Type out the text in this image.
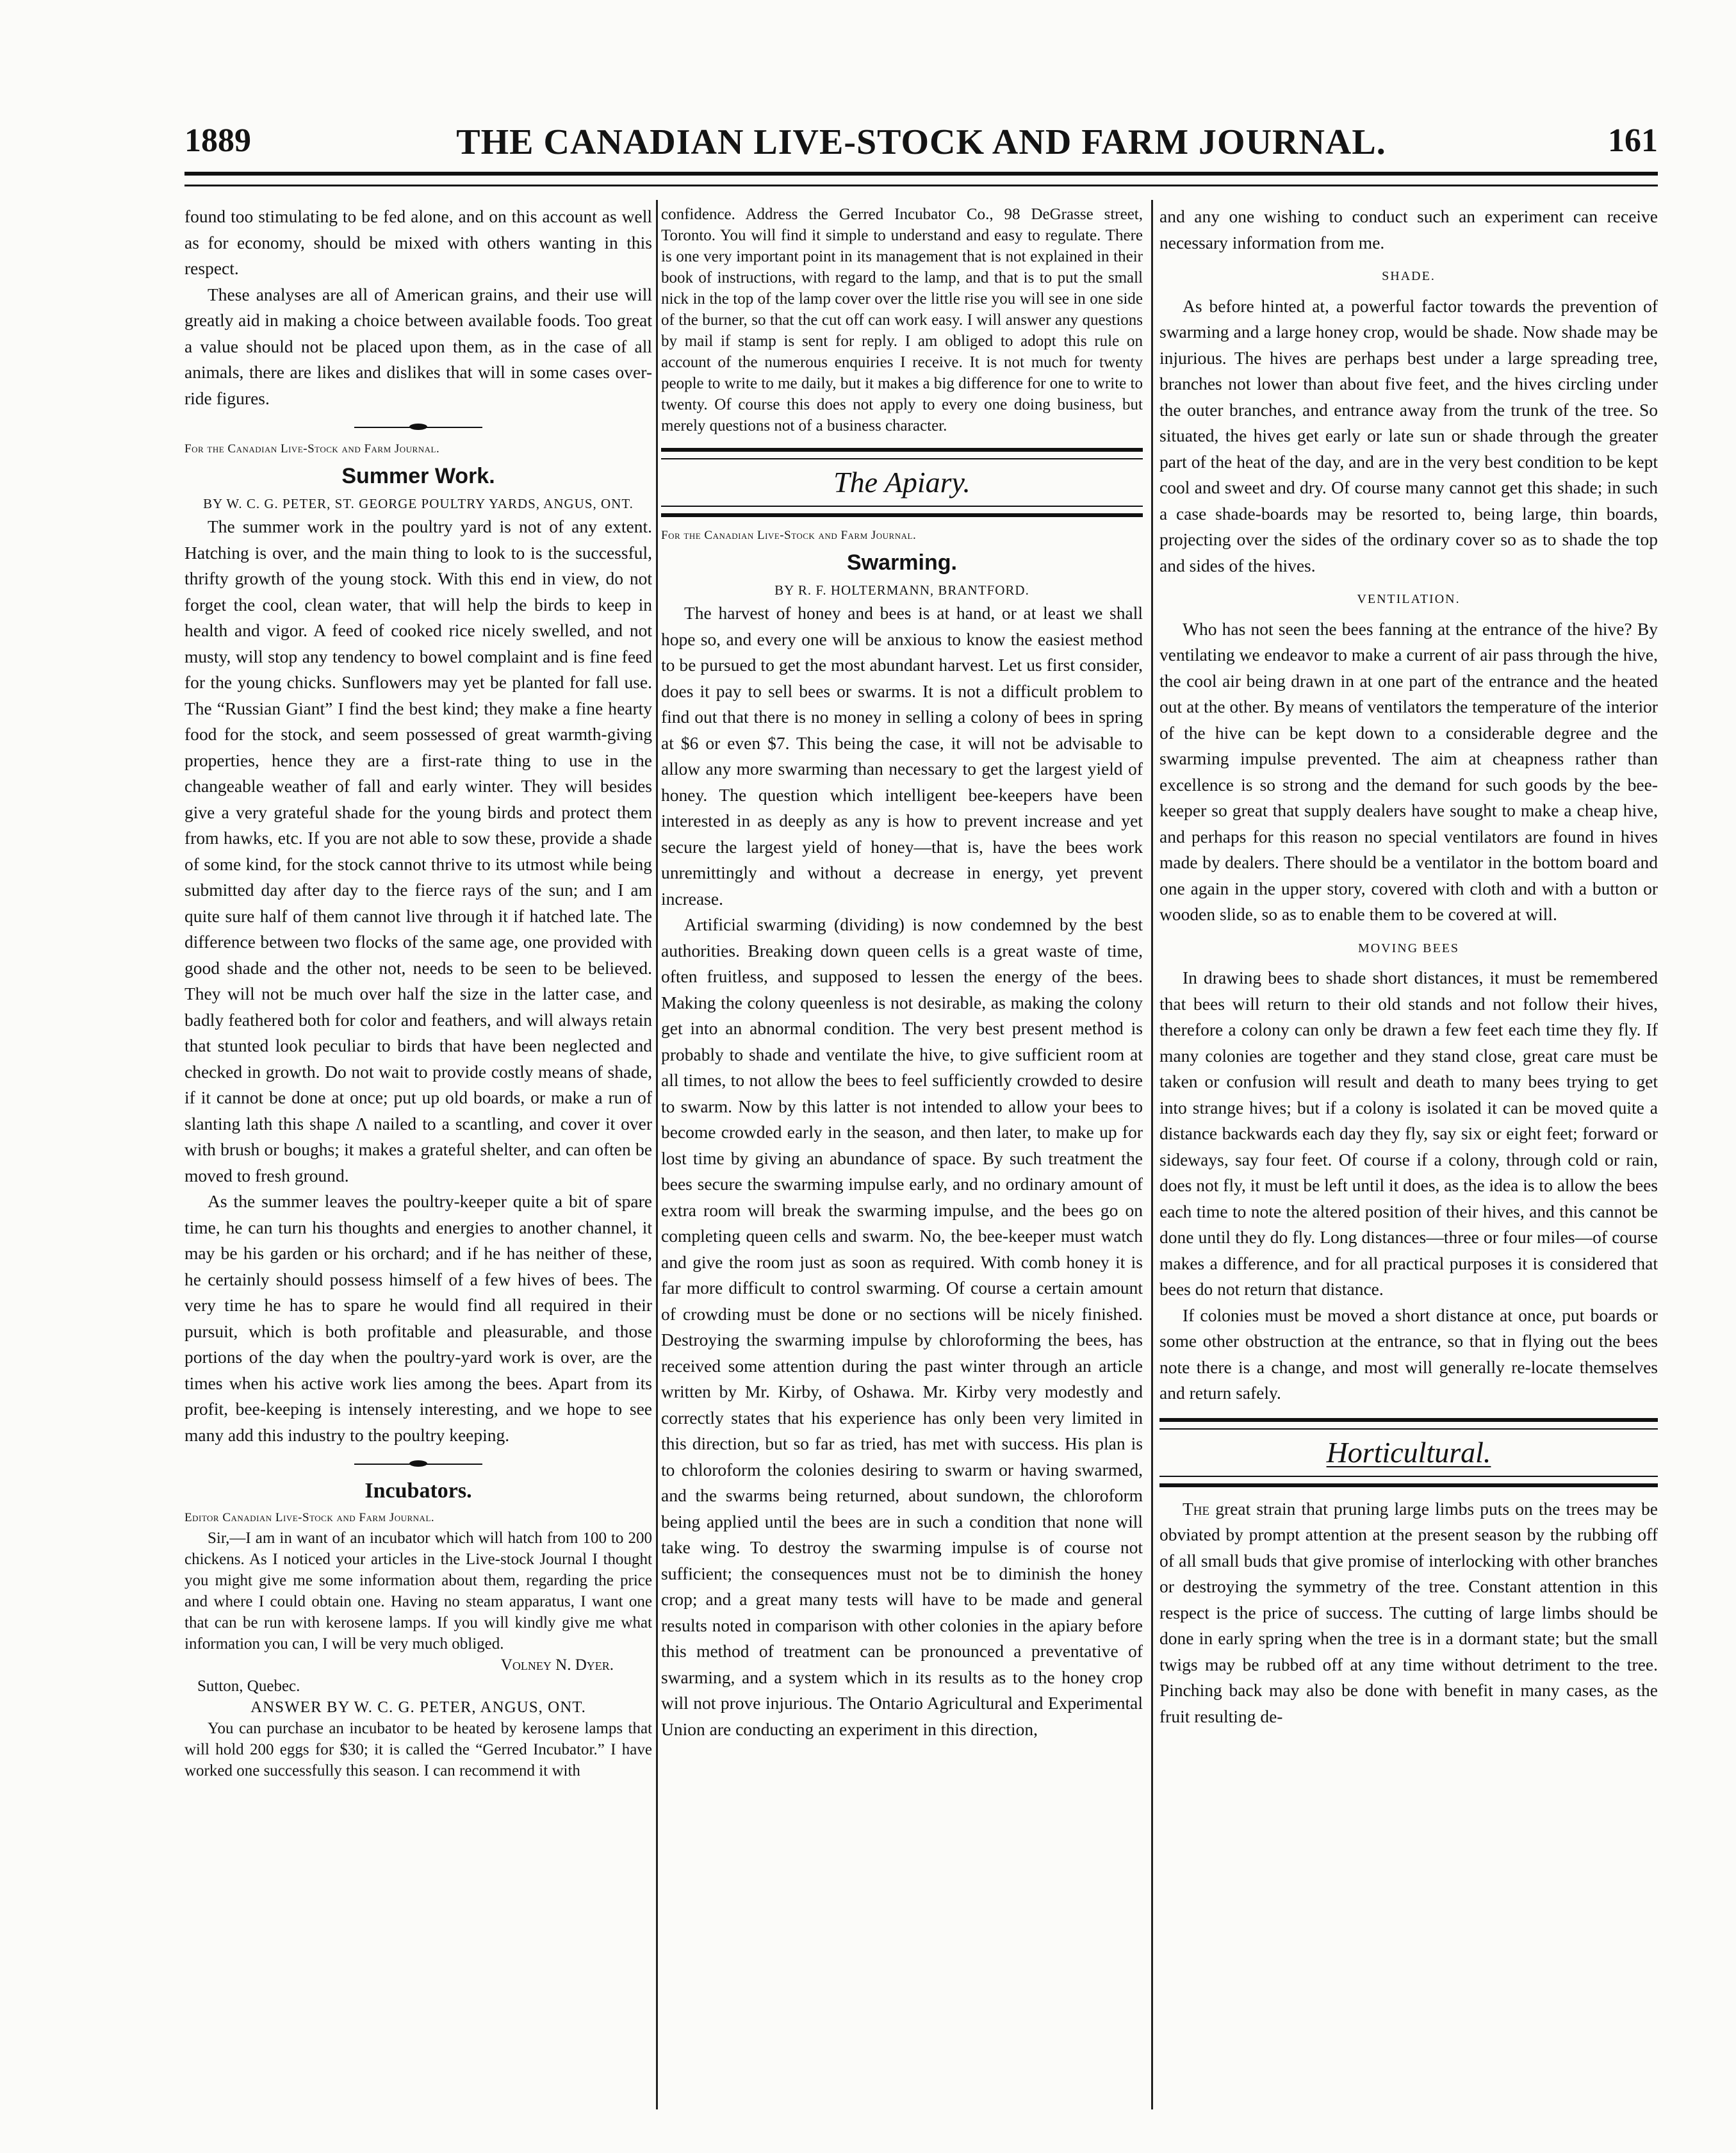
1889	THE CANADIAN LIVE-STOCK AND FARM JOURNAL.	161

found too stimulating to be fed alone, and on this account as well as for economy, should be mixed with others wanting in this respect.

These analyses are all of American grains, and their use will greatly aid in making a choice between available foods. Too great a value should not be placed upon them, as in the case of all animals, there are likes and dislikes that will in some cases over-ride figures.

For the Canadian Live-Stock and Farm Journal.

Summer Work.
BY W. C. G. PETER, ST. GEORGE POULTRY YARDS, ANGUS, ONT.

The summer work in the poultry yard is not of any extent. Hatching is over, and the main thing to look to is the successful, thrifty growth of the young stock. With this end in view, do not forget the cool, clean water, that will help the birds to keep in health and vigor. A feed of cooked rice nicely swelled, and not musty, will stop any tendency to bowel complaint and is fine feed for the young chicks. Sunflowers may yet be planted for fall use. The “Russian Giant” I find the best kind; they make a fine hearty food for the stock, and seem possessed of great warmth-giving properties, hence they are a first-rate thing to use in the changeable weather of fall and early winter. They will besides give a very grateful shade for the young birds and protect them from hawks, etc. If you are not able to sow these, provide a shade of some kind, for the stock cannot thrive to its utmost while being submitted day after day to the fierce rays of the sun; and I am quite sure half of them cannot live through it if hatched late. The difference between two flocks of the same age, one provided with good shade and the other not, needs to be seen to be believed. They will not be much over half the size in the latter case, and badly feathered both for color and feathers, and will always retain that stunted look peculiar to birds that have been neglected and checked in growth. Do not wait to provide costly means of shade, if it cannot be done at once; put up old boards, or make a run of slanting lath this shape Λ nailed to a scantling, and cover it over with brush or boughs; it makes a grateful shelter, and can often be moved to fresh ground.

As the summer leaves the poultry-keeper quite a bit of spare time, he can turn his thoughts and energies to another channel, it may be his garden or his orchard; and if he has neither of these, he certainly should possess himself of a few hives of bees. The very time he has to spare he would find all required in their pursuit, which is both profitable and pleasurable, and those portions of the day when the poultry-yard work is over, are the times when his active work lies among the bees. Apart from its profit, bee-keeping is intensely interesting, and we hope to see many add this industry to the poultry keeping.

Incubators.

Editor Canadian Live-Stock and Farm Journal.

Sir,—I am in want of an incubator which will hatch from 100 to 200 chickens. As I noticed your articles in the Live-stock Journal I thought you might give me some information about them, regarding the price and where I could obtain one. Having no steam apparatus, I want one that can be run with kerosene lamps. If you will kindly give me what information you can, I will be very much obliged.

Volney N. Dyer.

Sutton, Quebec.

ANSWER BY W. C. G. PETER, ANGUS, ONT.

You can purchase an incubator to be heated by kerosene lamps that will hold 200 eggs for $30; it is called the “Gerred Incubator.” I have worked one successfully this season. I can recommend it with

confidence. Address the Gerred Incubator Co., 98 DeGrasse street, Toronto. You will find it simple to understand and easy to regulate. There is one very important point in its management that is not explained in their book of instructions, with regard to the lamp, and that is to put the small nick in the top of the lamp cover over the little rise you will see in one side of the burner, so that the cut off can work easy. I will answer any questions by mail if stamp is sent for reply. I am obliged to adopt this rule on account of the numerous enquiries I receive. It is not much for twenty people to write to me daily, but it makes a big difference for one to write to twenty. Of course this does not apply to every one doing business, but merely questions not of a business character.

The Apiary.

For the Canadian Live-Stock and Farm Journal.

Swarming.
BY R. F. HOLTERMANN, BRANTFORD.

The harvest of honey and bees is at hand, or at least we shall hope so, and every one will be anxious to know the easiest method to be pursued to get the most abundant harvest. Let us first consider, does it pay to sell bees or swarms. It is not a difficult problem to find out that there is no money in selling a colony of bees in spring at $6 or even $7. This being the case, it will not be advisable to allow any more swarming than necessary to get the largest yield of honey. The question which intelligent bee-keepers have been interested in as deeply as any is how to prevent increase and yet secure the largest yield of honey—that is, have the bees work unremittingly and without a decrease in energy, yet prevent increase.

Artificial swarming (dividing) is now condemned by the best authorities. Breaking down queen cells is a great waste of time, often fruitless, and supposed to lessen the energy of the bees. Making the colony queenless is not desirable, as making the colony get into an abnormal condition. The very best present method is probably to shade and ventilate the hive, to give sufficient room at all times, to not allow the bees to feel sufficiently crowded to desire to swarm. Now by this latter is not intended to allow your bees to become crowded early in the season, and then later, to make up for lost time by giving an abundance of space. By such treatment the bees secure the swarming impulse early, and no ordinary amount of extra room will break the swarming impulse, and the bees go on completing queen cells and swarm. No, the bee-keeper must watch and give the room just as soon as required. With comb honey it is far more difficult to control swarming. Of course a certain amount of crowding must be done or no sections will be nicely finished. Destroying the swarming impulse by chloroforming the bees, has received some attention during the past winter through an article written by Mr. Kirby, of Oshawa. Mr. Kirby very modestly and correctly states that his experience has only been very limited in this direction, but so far as tried, has met with success. His plan is to chloroform the colonies desiring to swarm or having swarmed, and the swarms being returned, about sundown, the chloroform being applied until the bees are in such a condition that none will take wing. To destroy the swarming impulse is of course not sufficient; the consequences must not be to diminish the honey crop; and a great many tests will have to be made and general results noted in comparison with other colonies in the apiary before this method of treatment can be pronounced a preventative of swarming, and a system which in its results as to the honey crop will not prove injurious. The Ontario Agricultural and Experimental Union are conducting an experiment in this direction,

and any one wishing to conduct such an experiment can receive necessary information from me.

SHADE.

As before hinted at, a powerful factor towards the prevention of swarming and a large honey crop, would be shade. Now shade may be injurious. The hives are perhaps best under a large spreading tree, branches not lower than about five feet, and the hives circling under the outer branches, and entrance away from the trunk of the tree. So situated, the hives get early or late sun or shade through the greater part of the heat of the day, and are in the very best condition to be kept cool and sweet and dry. Of course many cannot get this shade; in such a case shade-boards may be resorted to, being large, thin boards, projecting over the sides of the ordinary cover so as to shade the top and sides of the hives.

VENTILATION.

Who has not seen the bees fanning at the entrance of the hive? By ventilating we endeavor to make a current of air pass through the hive, the cool air being drawn in at one part of the entrance and the heated out at the other. By means of ventilators the temperature of the interior of the hive can be kept down to a considerable degree and the swarming impulse prevented. The aim at cheapness rather than excellence is so strong and the demand for such goods by the bee-keeper so great that supply dealers have sought to make a cheap hive, and perhaps for this reason no special ventilators are found in hives made by dealers. There should be a ventilator in the bottom board and one again in the upper story, covered with cloth and with a button or wooden slide, so as to enable them to be covered at will.

MOVING BEES

In drawing bees to shade short distances, it must be remembered that bees will return to their old stands and not follow their hives, therefore a colony can only be drawn a few feet each time they fly. If many colonies are together and they stand close, great care must be taken or confusion will result and death to many bees trying to get into strange hives; but if a colony is isolated it can be moved quite a distance backwards each day they fly, say six or eight feet; forward or sideways, say four feet. Of course if a colony, through cold or rain, does not fly, it must be left until it does, as the idea is to allow the bees each time to note the altered position of their hives, and this cannot be done until they do fly. Long distances—three or four miles—of course makes a difference, and for all practical purposes it is considered that bees do not return that distance.

If colonies must be moved a short distance at once, put boards or some other obstruction at the entrance, so that in flying out the bees note there is a change, and most will generally re-locate themselves and return safely.

Horticultural.

The great strain that pruning large limbs puts on the trees may be obviated by prompt attention at the present season by the rubbing off of all small buds that give promise of interlocking with other branches or destroying the symmetry of the tree. Constant attention in this respect is the price of success. The cutting of large limbs should be done in early spring when the tree is in a dormant state; but the small twigs may be rubbed off at any time without detriment to the tree. Pinching back may also be done with benefit in many cases, as the fruit resulting de-
